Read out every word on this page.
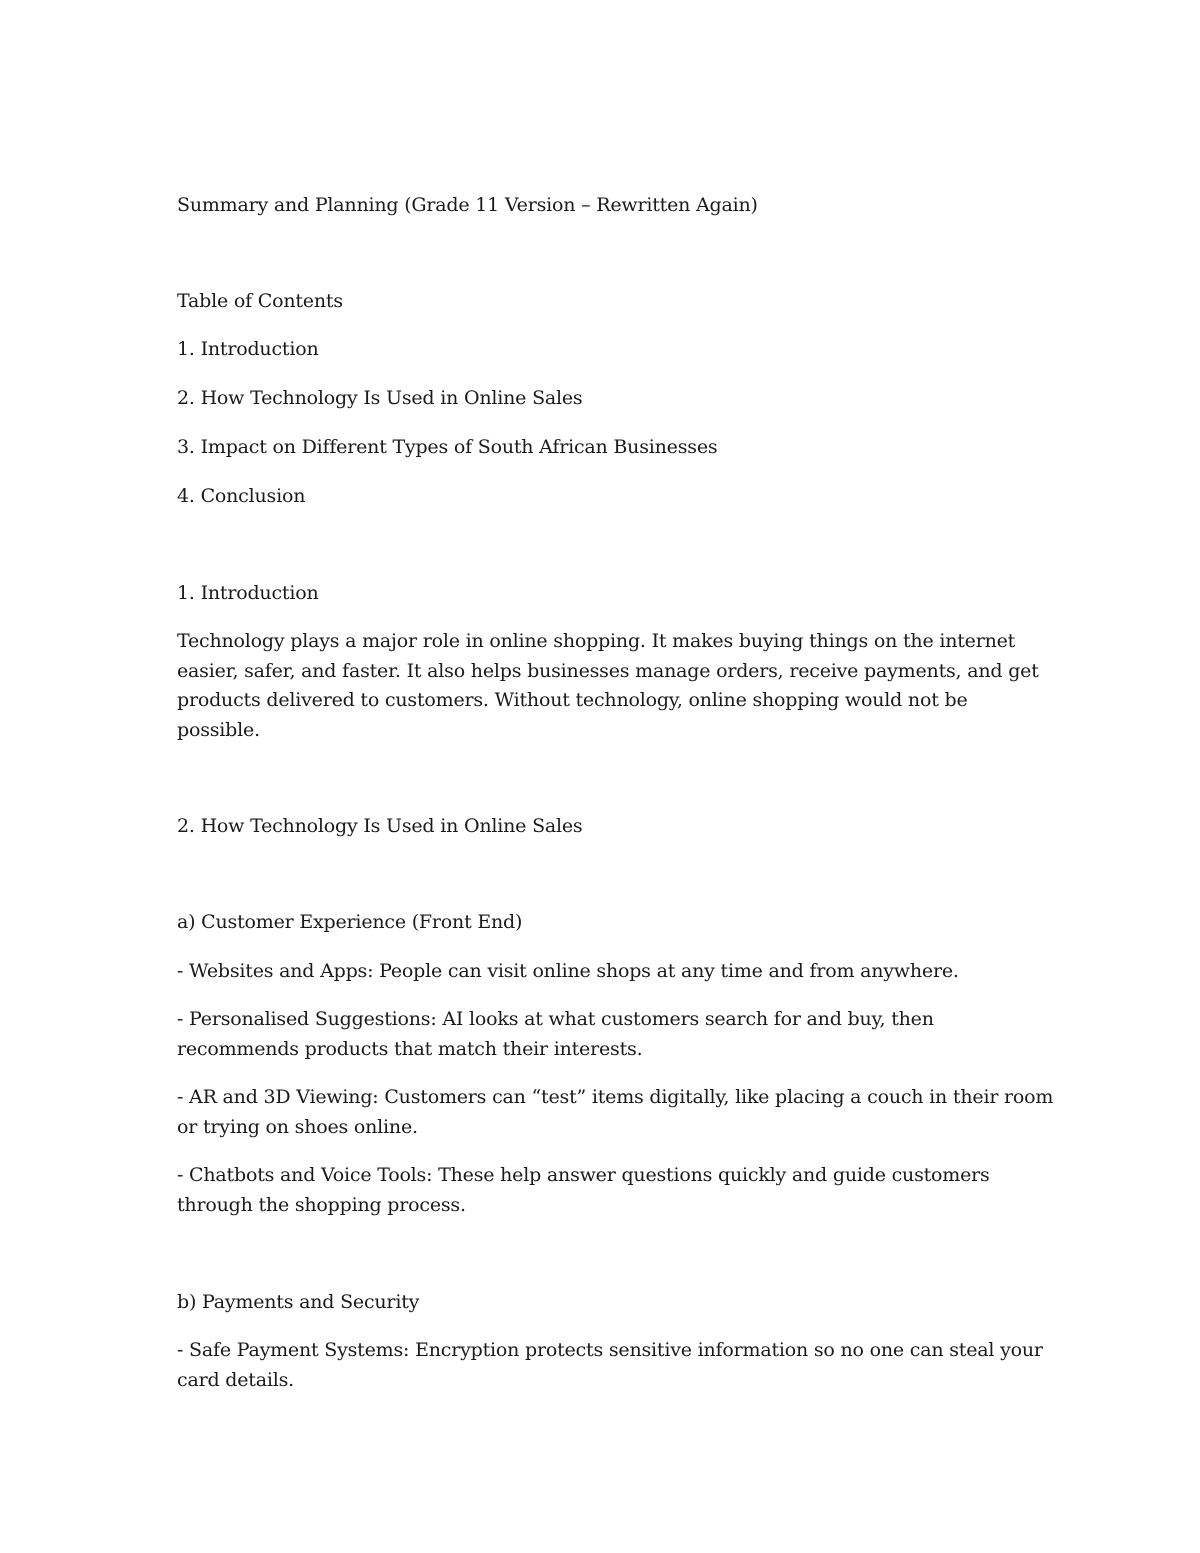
Summary and Planning (Grade 11 Version – Rewritten Again)
Table of Contents
1. Introduction
2. How Technology Is Used in Online Sales
3. Impact on Different Types of South African Businesses
4. Conclusion
1. Introduction
Technology plays a major role in online shopping. It makes buying things on the internet
easier, safer, and faster. It also helps businesses manage orders, receive payments, and get
products delivered to customers. Without technology, online shopping would not be
possible.
2. How Technology Is Used in Online Sales
a) Customer Experience (Front End)
- Websites and Apps: People can visit online shops at any time and from anywhere.
- Personalised Suggestions: AI looks at what customers search for and buy, then
recommends products that match their interests.
- AR and 3D Viewing: Customers can “test” items digitally, like placing a couch in their room
or trying on shoes online.
- Chatbots and Voice Tools: These help answer questions quickly and guide customers
through the shopping process.
b) Payments and Security
- Safe Payment Systems: Encryption protects sensitive information so no one can steal your
card details.
